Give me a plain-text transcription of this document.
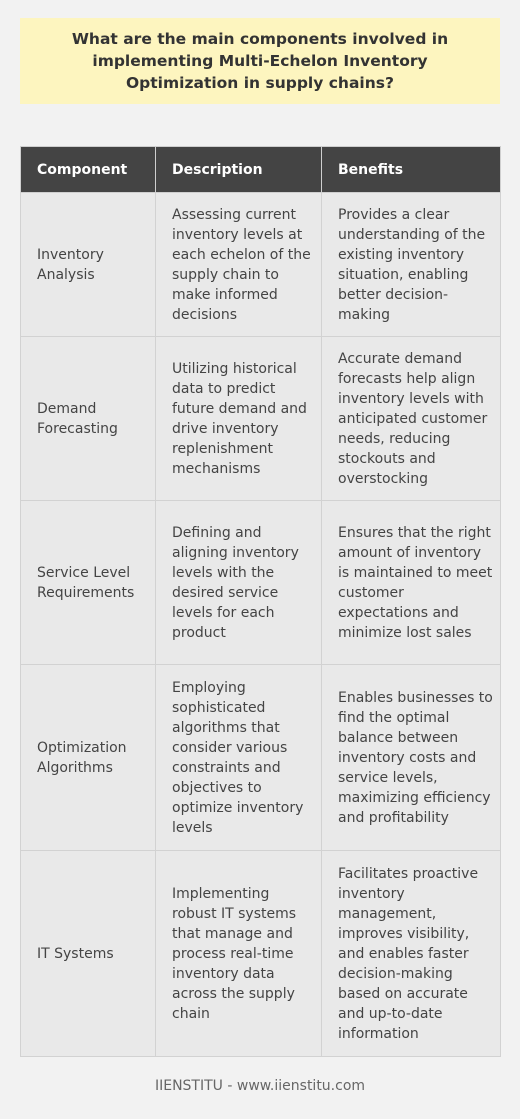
What are the main components involved in implementing Multi-Echelon Inventory Optimization in supply chains?
Component	Description	Benefits
Inventory Analysis	Assessing current inventory levels at each echelon of the supply chain to make informed decisions	Provides a clear understanding of the existing inventory situation, enabling better decision-making
Demand Forecasting	Utilizing historical data to predict future demand and drive inventory replenishment mechanisms	Accurate demand forecasts help align inventory levels with anticipated customer needs, reducing stockouts and overstocking
Service Level Requirements	Defining and aligning inventory levels with the desired service levels for each product	Ensures that the right amount of inventory is maintained to meet customer expectations and minimize lost sales
Optimization Algorithms	Employing sophisticated algorithms that consider various constraints and objectives to optimize inventory levels	Enables businesses to find the optimal balance between inventory costs and service levels, maximizing efficiency and profitability
IT Systems	Implementing robust IT systems that manage and process real-time inventory data across the supply chain	Facilitates proactive inventory management, improves visibility, and enables faster decision-making based on accurate and up-to-date information
IIENSTITU - www.iienstitu.com
